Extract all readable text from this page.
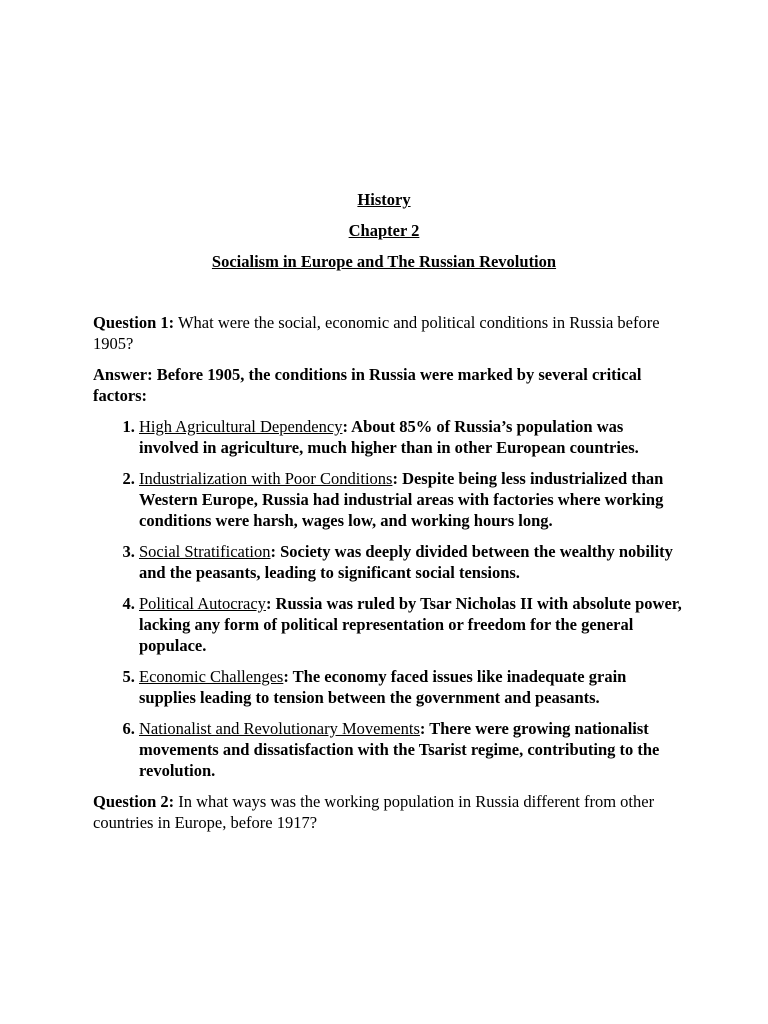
History

Chapter 2

Socialism in Europe and The Russian Revolution

Question 1: What were the social, economic and political conditions in Russia before 1905?

Answer: Before 1905, the conditions in Russia were marked by several critical factors:

1. High Agricultural Dependency: About 85% of Russia’s population was involved in agriculture, much higher than in other European countries.
2. Industrialization with Poor Conditions: Despite being less industrialized than Western Europe, Russia had industrial areas with factories where working conditions were harsh, wages low, and working hours long.
3. Social Stratification: Society was deeply divided between the wealthy nobility and the peasants, leading to significant social tensions.
4. Political Autocracy: Russia was ruled by Tsar Nicholas II with absolute power, lacking any form of political representation or freedom for the general populace.
5. Economic Challenges: The economy faced issues like inadequate grain supplies leading to tension between the government and peasants.
6. Nationalist and Revolutionary Movements: There were growing nationalist movements and dissatisfaction with the Tsarist regime, contributing to the revolution.

Question 2: In what ways was the working population in Russia different from other countries in Europe, before 1917?
